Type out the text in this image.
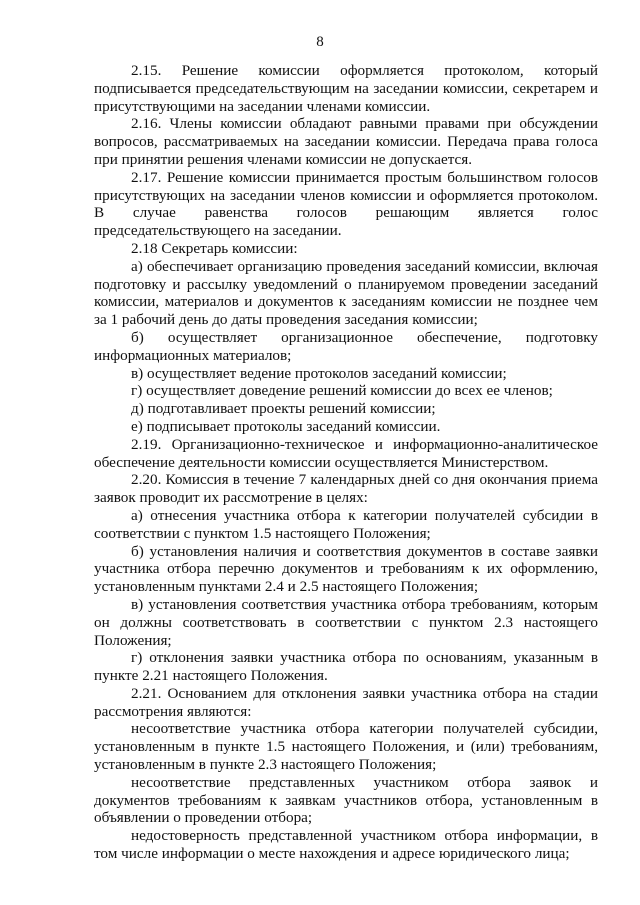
8

2.15. Решение комиссии оформляется протоколом, который подписывается председательствующим на заседании комиссии, секретарем и присутствующими на заседании членами комиссии.

2.16. Члены комиссии обладают равными правами при обсуждении вопросов, рассматриваемых на заседании комиссии. Передача права голоса при принятии решения членами комиссии не допускается.

2.17. Решение комиссии принимается простым большинством голосов присутствующих на заседании членов комиссии и оформляется протоколом. В случае равенства голосов решающим является голос председательствующего на заседании.

2.18 Секретарь комиссии:

а) обеспечивает организацию проведения заседаний комиссии, включая подготовку и рассылку уведомлений о планируемом проведении заседаний комиссии, материалов и документов к заседаниям комиссии не позднее чем за 1 рабочий день до даты проведения заседания комиссии;

б) осуществляет организационное обеспечение, подготовку информационных материалов;

в) осуществляет ведение протоколов заседаний комиссии;

г) осуществляет доведение решений комиссии до всех ее членов;

д) подготавливает проекты решений комиссии;

е) подписывает протоколы заседаний комиссии.

2.19. Организационно-техническое и информационно-аналитическое обеспечение деятельности комиссии осуществляется Министерством.

2.20. Комиссия в течение 7 календарных дней со дня окончания приема заявок проводит их рассмотрение в целях:

а) отнесения участника отбора к категории получателей субсидии в соответствии с пунктом 1.5 настоящего Положения;

б) установления наличия и соответствия документов в составе заявки участника отбора перечню документов и требованиям к их оформлению, установленным пунктами 2.4 и 2.5 настоящего Положения;

в) установления соответствия участника отбора требованиям, которым он должны соответствовать в соответствии с пунктом 2.3 настоящего Положения;

г) отклонения заявки участника отбора по основаниям, указанным в пункте 2.21 настоящего Положения.

2.21. Основанием для отклонения заявки участника отбора на стадии рассмотрения являются:

несоответствие участника отбора категории получателей субсидии, установленным в пункте 1.5 настоящего Положения, и (или) требованиям, установленным в пункте 2.3 настоящего Положения;

несоответствие представленных участником отбора заявок и документов требованиям к заявкам участников отбора, установленным в объявлении о проведении отбора;

недостоверность представленной участником отбора информации, в том числе информации о месте нахождения и адресе юридического лица;
